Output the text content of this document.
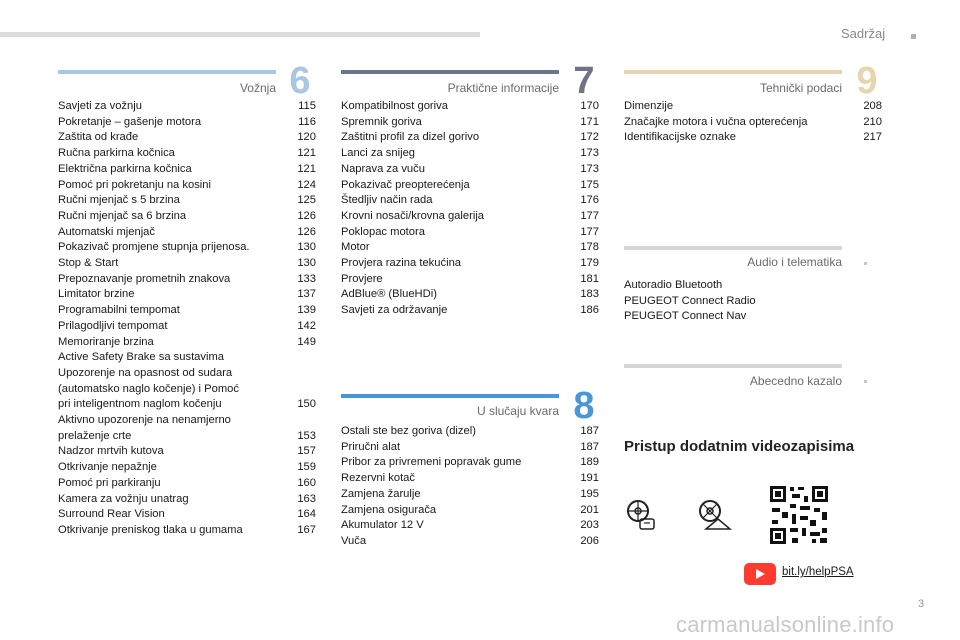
Sadržaj
Vožnja 6
Savjeti za vožnju	115
Pokretanje – gašenje motora	116
Zaštita od krađe	120
Ručna parkirna kočnica	121
Električna parkirna kočnica	121
Pomoć pri pokretanju na kosini	124
Ručni mjenjač s 5 brzina	125
Ručni mjenjač sa 6 brzina	126
Automatski mjenjač	126
Pokazivač promjene stupnja prijenosa.	130
Stop & Start	130
Prepoznavanje prometnih znakova	133
Limitator brzine	137
Programabilni tempomat	139
Prilagodljivi tempomat	142
Memoriranje brzina	149
Active Safety Brake sa sustavima
Upozorenje na opasnost od sudara
(automatsko naglo kočenje) i Pomoć
pri inteligentnom naglom kočenju	150
Aktivno upozorenje na nenamjerno
prelaženje crte	153
Nadzor mrtvih kutova	157
Otkrivanje nepažnje	159
Pomoć pri parkiranju	160
Kamera za vožnju unatrag	163
Surround Rear Vision	164
Otkrivanje preniskog tlaka u gumama	167
Praktične informacije 7
Kompatibilnost goriva	170
Spremnik goriva	171
Zaštitni profil za dizel gorivo	172
Lanci za snijeg	173
Naprava za vuču	173
Pokazivač preopterećenja	175
Štedljiv način rada	176
Krovni nosači/krovna galerija	177
Poklopac motora	177
Motor	178
Provjera razina tekućina	179
Provjere	181
AdBlue® (BlueHDi)	183
Savjeti za održavanje	186
U slučaju kvara 8
Ostali ste bez goriva (dizel)	187
Priručni alat	187
Pribor za privremeni popravak gume	189
Rezervni kotač	191
Zamjena žarulje	195
Zamjena osigurača	201
Akumulator 12 V	203
Vuča	206
Tehnički podaci 9
Dimenzije	208
Značajke motora i vučna opterećenja	210
Identifikacijske oznake	217
Audio i telematika
Autoradio Bluetooth
PEUGEOT Connect Radio
PEUGEOT Connect Nav
Abecedno kazalo
Pristup dodatnim videozapisima
bit.ly/helpPSA
carmanualsonline.info
3
